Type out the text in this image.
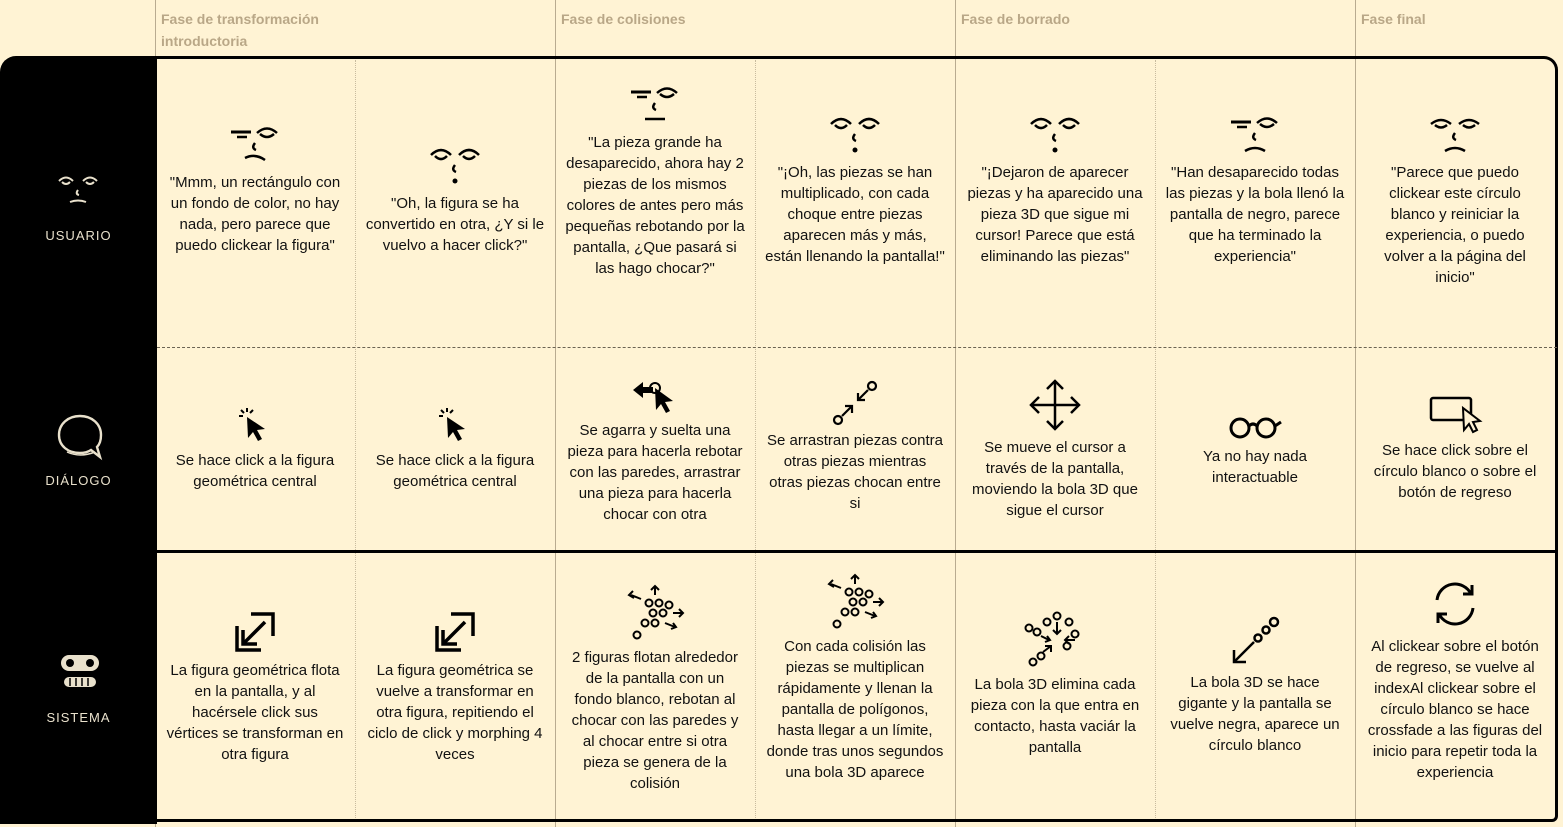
Fase de transformación introductoria
Fase de colisiones	Fase de borrado	Fase final
USUARIO
DIÁLOGO
SISTEMA
"Mmm, un rectángulo con un fondo de color, no hay nada, pero parece que puedo clickear la figura"
"Oh, la figura se ha convertido en otra, ¿Y si le vuelvo a hacer click?"
"La pieza grande ha desaparecido, ahora hay 2 piezas de los mismos colores de antes pero más pequeñas rebotando por la pantalla, ¿Que pasará si las hago chocar?"
"¡Oh, las piezas se han multiplicado, con cada choque entre piezas aparecen más y más, están llenando la pantalla!"
"¡Dejaron de aparecer piezas y ha aparecido una pieza 3D que sigue mi cursor! Parece que está eliminando las piezas"
"Han desaparecido todas las piezas y la bola llenó la pantalla de negro, parece que ha terminado la experiencia"
"Parece que puedo clickear este círculo blanco y reiniciar la experiencia, o puedo volver a la página del inicio"
Se hace click a la figura geométrica central
Se hace click a la figura geométrica central
Se agarra y suelta una pieza para hacerla rebotar con las paredes, arrastrar una pieza para hacerla chocar con otra
Se arrastran piezas contra otras piezas mientras otras piezas chocan entre si
Se mueve el cursor a través de la pantalla, moviendo la bola 3D que sigue el cursor
Ya no hay nada interactuable
Se hace click sobre el círculo blanco o sobre el botón de regreso
La figura geométrica flota en la pantalla, y al hacérsele click sus vértices se transforman en otra figura
La figura geométrica se vuelve a transformar en otra figura, repitiendo el ciclo de click y morphing 4 veces
2 figuras flotan alrededor de la pantalla con un fondo blanco, rebotan al chocar con las paredes y al chocar entre si otra pieza se genera de la colisión
Con cada colisión las piezas se multiplican rápidamente y llenan la pantalla de polígonos, hasta llegar a un límite, donde tras unos segundos una bola 3D aparece
La bola 3D elimina cada pieza con la que entra en contacto, hasta vaciár la pantalla
La bola 3D se hace gigante y la pantalla se vuelve negra, aparece un círculo blanco
Al clickear sobre el botón de regreso, se vuelve al indexAl clickear sobre el círculo blanco se hace crossfade a las figuras del inicio para repetir toda la experiencia
